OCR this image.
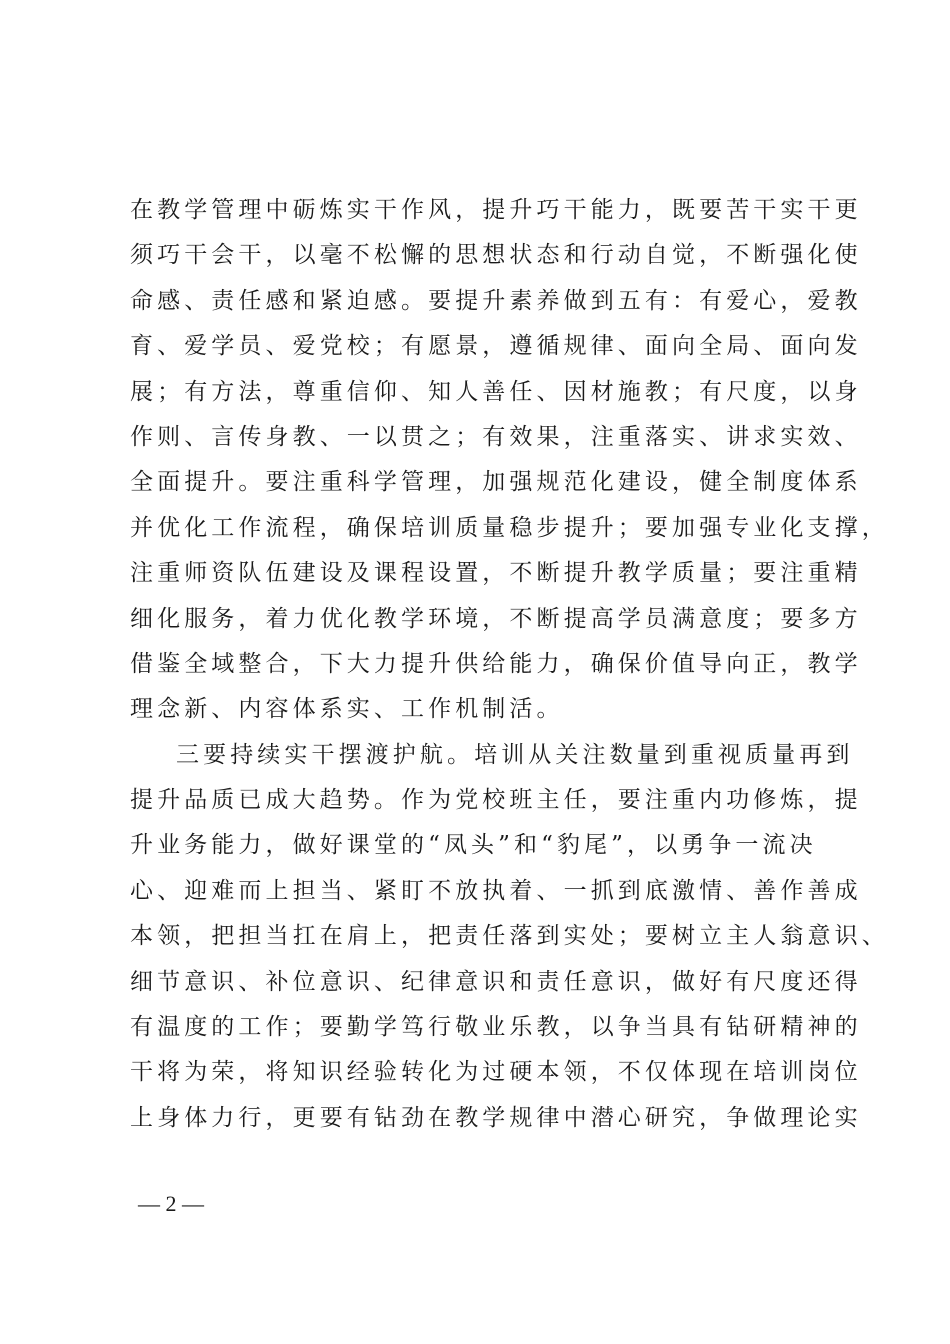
在教学管理中砺炼实干作风，提升巧干能力，既要苦干实干更
须巧干会干，以毫不松懈的思想状态和行动自觉，不断强化使
命感、责任感和紧迫感。要提升素养做到五有：有爱心，爱教
育、爱学员、爱党校；有愿景，遵循规律、面向全局、面向发
展；有方法，尊重信仰、知人善任、因材施教；有尺度，以身
作则、言传身教、一以贯之；有效果，注重落实、讲求实效、
全面提升。要注重科学管理，加强规范化建设，健全制度体系
并优化工作流程，确保培训质量稳步提升；要加强专业化支撑，
注重师资队伍建设及课程设置，不断提升教学质量；要注重精
细化服务，着力优化教学环境，不断提高学员满意度；要多方
借鉴全域整合，下大力提升供给能力，确保价值导向正，教学
理念新、内容体系实、工作机制活。
三要持续实干摆渡护航。培训从关注数量到重视质量再到
提升品质已成大趋势。作为党校班主任，要注重内功修炼，提
升业务能力，做好课堂的“凤头”和“豹尾”，以勇争一流决
心、迎难而上担当、紧盯不放执着、一抓到底激情、善作善成
本领，把担当扛在肩上，把责任落到实处；要树立主人翁意识、
细节意识、补位意识、纪律意识和责任意识，做好有尺度还得
有温度的工作；要勤学笃行敬业乐教，以争当具有钻研精神的
干将为荣，将知识经验转化为过硬本领，不仅体现在培训岗位
上身体力行，更要有钻劲在教学规律中潜心研究，争做理论实
— 2 —
